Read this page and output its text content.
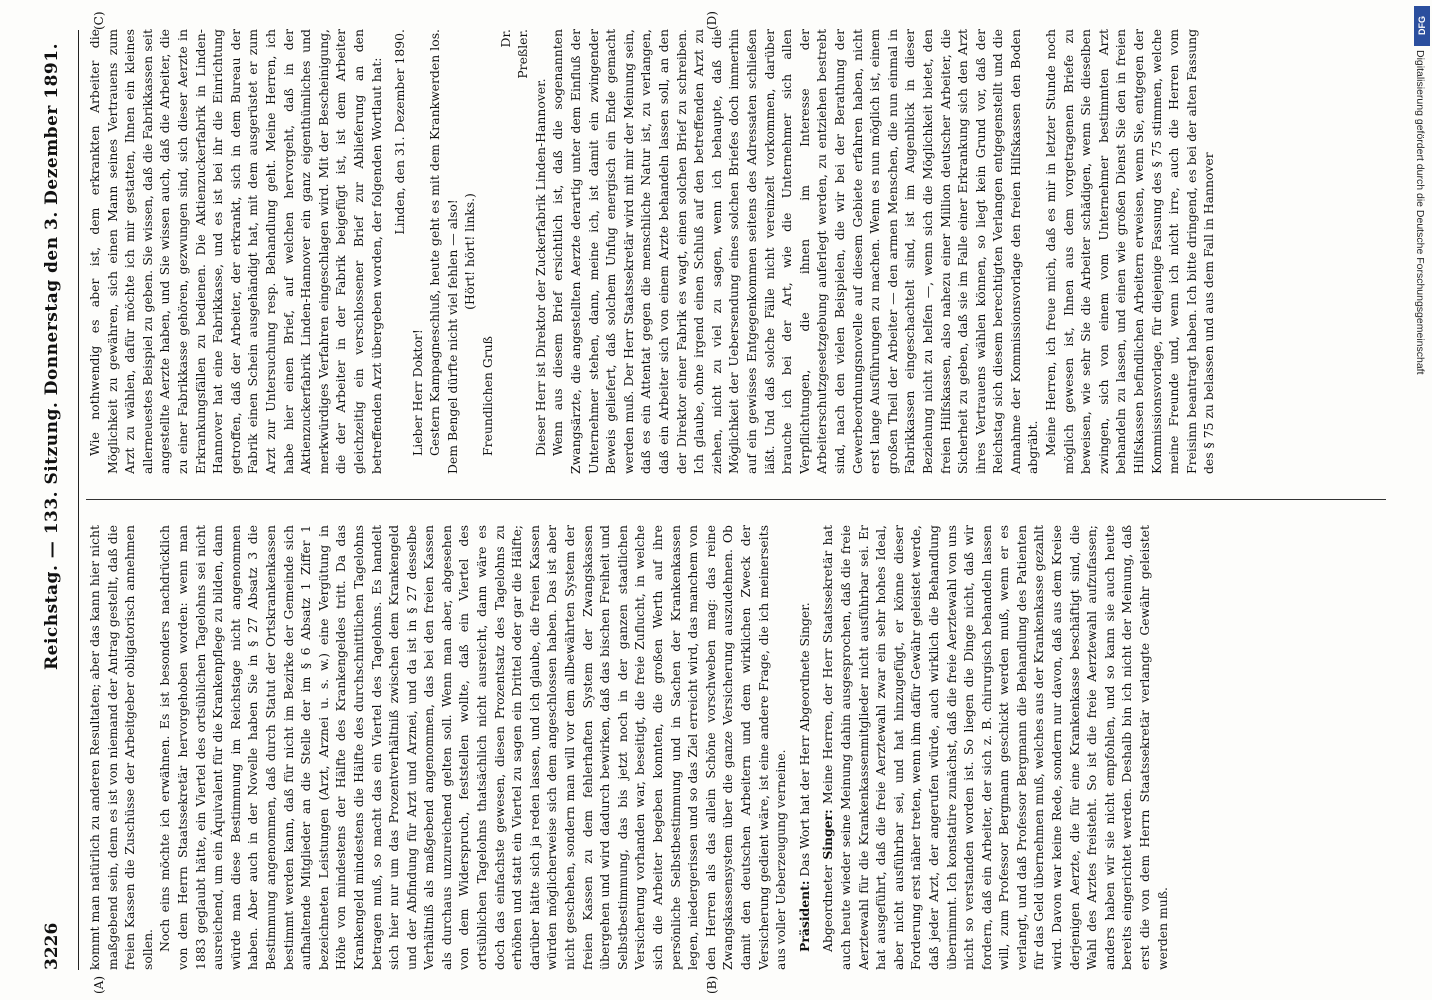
3226
Reichstag. — 133. Sitzung. Donnerstag den 3. Dezember 1891.
(A)	(B)
(C)	(D)

kommt man natürlich zu anderen Resultaten; aber das kann hier nicht maßgebend sein, denn es ist von niemand der Antrag gestellt, daß die freien Kassen die Zuschüsse der Arbeitgeber obligatorisch annehmen sollen. Noch eins möchte ich erwähnen. Es ist besonders nachdrücklich von dem Herrn Staatssekretär hervorgehoben worden: wenn man 1883 geglaubt hätte, ein Viertel des ortsüblichen Tagelohns sei nicht ausreichend, um ein Äquivalent für die Krankenpflege zu bilden, dann würde man diese Bestimmung im Reichstage nicht angenommen haben. Aber auch in der Novelle haben Sie in § 27 Absatz 3 die Bestimmung angenommen, daß durch Statut der Ortskrankenkassen bestimmt werden kann, daß für nicht im Bezirke der Gemeinde sich aufhaltende Mitglieder an die Stelle der im § 6 Absatz 1 Ziffer 1 bezeichneten Leistungen (Arzt, Arznei u. s. w.) eine Vergütung in Höhe von mindestens der Hälfte des Krankengeldes tritt. Da das Krankengeld mindestens die Hälfte des durchschnittlichen Tagelohns betragen muß, so macht das ein Viertel des Tagelohns. Es handelt sich hier nur um das Prozentverhältniß zwischen dem Krankengeld und der Abfindung für Arzt und Arznei, und da ist in § 27 desselbe Verhältniß als maßgebend angenommen, das bei den freien Kassen als durchaus unzureichend gelten soll. Wenn man aber, abgesehen von dem Widerspruch, feststellen wollte, daß ein Viertel des ortsüblichen Tagelohns thatsächlich nicht ausreicht, dann wäre es doch das einfachste gewesen, diesen Prozentsatz des Tagelohns zu erhöhen und statt ein Viertel zu sagen ein Drittel oder gar die Hälfte; darüber hätte sich ja reden lassen, und ich glaube, die freien Kassen würden möglicherweise sich dem angeschlossen haben. Das ist aber nicht geschehen, sondern man will vor dem allbewährten System der freien Kassen zu dem fehlerhaften System der Zwangskassen übergehen und wird dadurch bewirken, daß das bischen Freiheit und Selbstbestimmung, das bis jetzt noch in der ganzen staatlichen Versicherung vorhanden war, beseitigt, die freie Zuflucht, in welche sich die Arbeiter begeben konnten, die großen Werth auf ihre persönliche Selbstbestimmung und in Sachen der Krankenkassen legen, niedergerissen und so das Ziel erreicht wird, das manchem von den Herren als das allein Schöne vorschweben mag: das reine Zwangskassensystem über die ganze Versicherung auszudehnen. Ob damit den deutschen Arbeitern und dem wirklichen Zweck der Versicherung gedient wäre, ist eine andere Frage, die ich meinerseits aus voller Ueberzeugung verneine. Präsident: Das Wort hat der Herr Abgeordnete Singer.

Abgeordneter Singer: Meine Herren, der Herr Staatssekretär hat auch heute wieder seine Meinung dahin ausgesprochen, daß die freie Aerztewahl für die Krankenkassenmitglieder nicht ausführbar sei. Er hat ausgeführt, daß die freie Aerztewahl zwar ein sehr hohes Ideal, aber nicht ausführbar sei, und hat hinzugefügt, er könne dieser Forderung erst näher treten, wenn ihm dafür Gewähr geleistet werde, daß jeder Arzt, der angerufen würde, auch wirklich die Behandlung übernimmt. Ich konstatire zunächst, daß die freie Aerztewahl von uns nicht so verstanden worden ist. So liegen die Dinge nicht, daß wir fordern, daß ein Arbeiter, der sich z. B. chirurgisch behandeln lassen will, zum Professor Bergmann geschickt werden muß, wenn er es verlangt, und daß Professor Bergmann die Behandlung des Patienten für das Geld übernehmen muß, welches aus der Krankenkasse gezahlt wird. Davon war keine Rede, sondern nur davon, daß aus dem Kreise derjenigen Aerzte, die für eine Krankenkasse beschäftigt sind, die Wahl des Arztes freisteht. So ist die freie Aerztewahl aufzufassen; anders haben wir sie nicht empfohlen, und so kann sie auch heute bereits eingerichtet werden. Deshalb bin ich nicht der Meinung, daß erst die von dem Herrn Staatssekretär verlangte Gewähr geleistet werden muß.

Wie nothwendig es aber ist, dem erkrankten Arbeiter die Möglichkeit zu gewähren, sich einen Mann seines Vertrauens zum Arzt zu wählen, dafür möchte ich mir gestatten, Ihnen ein kleines allerneuestes Beispiel zu geben. Sie wissen, daß die Fabrikkassen seit angestellte Aerzte haben, und Sie wissen auch, daß die Arbeiter, die zu einer Fabrikkasse gehören, gezwungen sind, sich dieser Aerzte in Erkrankungsfällen zu bedienen. Die Aktienzuckerfabrik in Linden-Hannover hat eine Fabrikkasse, und es ist bei ihr die Einrichtung getroffen, daß der Arbeiter, der erkrankt, sich in dem Bureau der Fabrik einen Schein ausgehändigt hat, mit dem ausgerüstet er zum Arzt zur Untersuchung resp. Behandlung geht. Meine Herren, ich habe hier einen Brief, auf welchen hervorgeht, daß in der Aktienzuckerfabrik Linden-Hannover ein ganz eigenthümliches und merkwürdiges Verfahren eingeschlagen wird. Mit der Bescheinigung, die der Arbeiter in der Fabrik beigefügt ist, ist dem Arbeiter gleichzeitig ein verschlossener Brief zur Ablieferung an den betreffenden Arzt übergeben worden, der folgenden Wortlaut hat: Linden, den 31. Dezember 1890.

Lieber Herr Doktor! Gestern Kampagneschluß, heute geht es mit dem Krankwerden los. Dem Bengel dürfte nicht viel fehlen — also! (Hört! hört! links.)

Freundlichen Gruß

Dr. Preßler.

Dieser Herr ist Direktor der Zuckerfabrik Linden-Hannover. Wenn aus diesem Brief ersichtlich ist, daß die sogenannten Zwangsärzte, die angestellten Aerzte derartig unter dem Einfluß der Unternehmer stehen, dann, meine ich, ist damit ein zwingender Beweis geliefert, daß solchem Unfug energisch ein Ende gemacht werden muß. Der Herr Staatssekretär wird mit mir der Meinung sein, daß es ein Attentat gegen die menschliche Natur ist, zu verlangen, daß ein Arbeiter sich von einem Arzte behandeln lassen soll, an den der Direktor einer Fabrik es wagt, einen solchen Brief zu schreiben. Ich glaube, ohne irgend einen Schluß auf den betreffenden Arzt zu ziehen, nicht zu viel zu sagen, wenn ich behaupte, daß die Möglichkeit der Uebersendung eines solchen Briefes doch immerhin auf ein gewisses Entgegenkommen seitens des Adressaten schließen läßt. Und daß solche Fälle nicht vereinzelt vorkommen, darüber brauche ich bei der Art, wie die Unternehmer sich allen Verpflichtungen, die ihnen im Interesse der Arbeiterschutzgesetzgebung auferlegt werden, zu entziehen bestrebt sind, nach den vielen Beispielen, die wir bei der Berathung der Gewerbeordnungsnovelle auf diesem Gebiete erfahren haben, nicht erst lange Ausführungen zu machen. Wenn es nun möglich ist, einem großen Theil der Arbeiter — den armen Menschen, die nun einmal in Fabrikkassen eingeschachtelt sind, ist im Augenblick in dieser Beziehung nicht zu helfen —, wenn sich die Möglichkeit bietet, den freien Hilfskassen, also nahezu einer Million deutscher Arbeiter, die Sicherheit zu geben, daß sie im Falle einer Erkrankung sich den Arzt ihres Vertrauens wählen können, so liegt kein Grund vor, daß der Reichstag sich diesem berechtigten Verlangen entgegenstellt und die Annahme der Kommissionsvorlage den freien Hilfskassen den Boden abgräbt. Meine Herren, ich freue mich, daß es mir in letzter Stunde noch möglich gewesen ist, Ihnen aus dem vorgetragenen Briefe zu beweisen, wie sehr Sie die Arbeiter schädigen, wenn Sie dieselben zwingen, sich von einem vom Unternehmer bestimmten Arzt behandeln zu lassen, und einen wie großen Dienst Sie den in freien Hilfskassen befindlichen Arbeitern erweisen, wenn Sie, entgegen der Kommissionsvorlage, für diejenige Fassung des § 75 stimmen, welche meine Freunde und, wenn ich nicht irre, auch die Herren vom Freisinn beantragt haben. Ich bitte dringend, es bei der alten Fassung des § 75 zu belassen und aus dem Fall in Hannover

DFG
Digitalisierung gefördert durch die Deutsche Forschungsgemeinschaft
